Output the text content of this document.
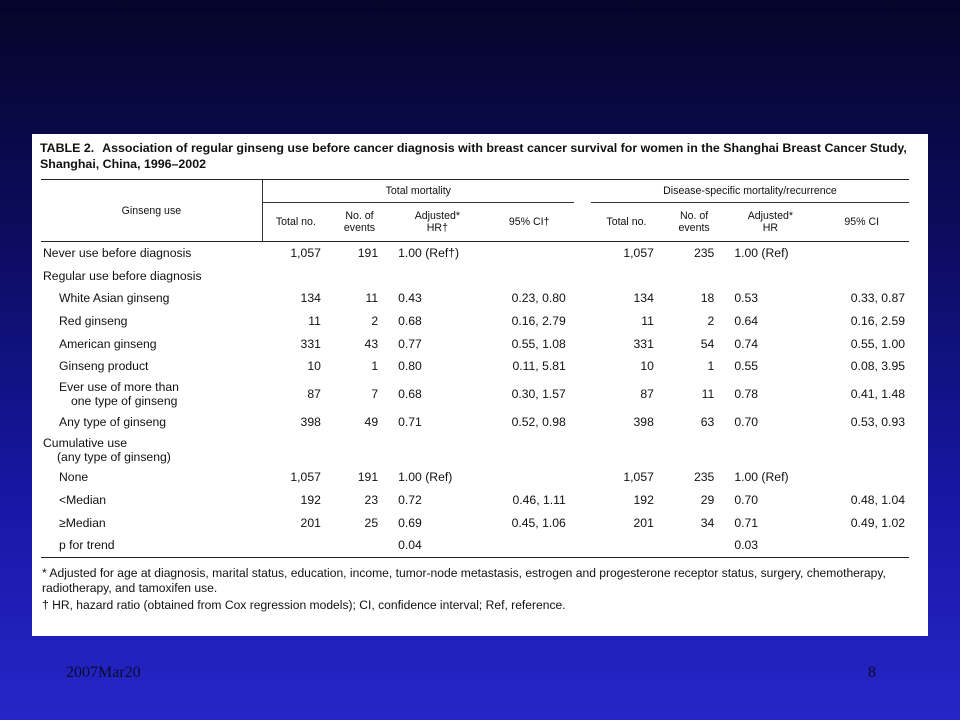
TABLE 2. Association of regular ginseng use before cancer diagnosis with breast cancer survival for women in the Shanghai Breast Cancer Study, Shanghai, China, 1996–2002
Ginseng use	Total mortality					Disease-specific mortality/recurrence			
	Total no.	No. of events	Adjusted* HR†	95% CI†		Total no.	No. of events	Adjusted* HR	95% CI

Never use before diagnosis	1,057	191	1.00 (Ref†)			1,057	235	1.00 (Ref)	

Regular use before diagnosis									

White Asian ginseng	134	11	0.43	0.23, 0.80		134	18	0.53	0.33, 0.87

Red ginseng	11	2	0.68	0.16, 2.79		11	2	0.64	0.16, 2.59

American ginseng	331	43	0.77	0.55, 1.08		331	54	0.74	0.55, 1.00

Ginseng product	10	1	0.80	0.11, 5.81		10	1	0.55	0.08, 3.95

Ever use of more than
one type of ginseng	87	7	0.68	0.30, 1.57		87	11	0.78	0.41, 1.48

Any type of ginseng	398	49	0.71	0.52, 0.98		398	63	0.70	0.53, 0.93

Cumulative use
(any type of ginseng)									

None	1,057	191	1.00 (Ref)			1,057	235	1.00 (Ref)	

<Median	192	23	0.72	0.46, 1.11		192	29	0.70	0.48, 1.04

≥Median	201	25	0.69	0.45, 1.06		201	34	0.71	0.49, 1.02

p for trend			0.04					0.03	

* Adjusted for age at diagnosis, marital status, education, income, tumor-node metastasis, estrogen and progesterone receptor status, surgery, chemotherapy, radiotherapy, and tamoxifen use.

† HR, hazard ratio (obtained from Cox regression models); CI, confidence interval; Ref, reference.

2007Mar20	8
